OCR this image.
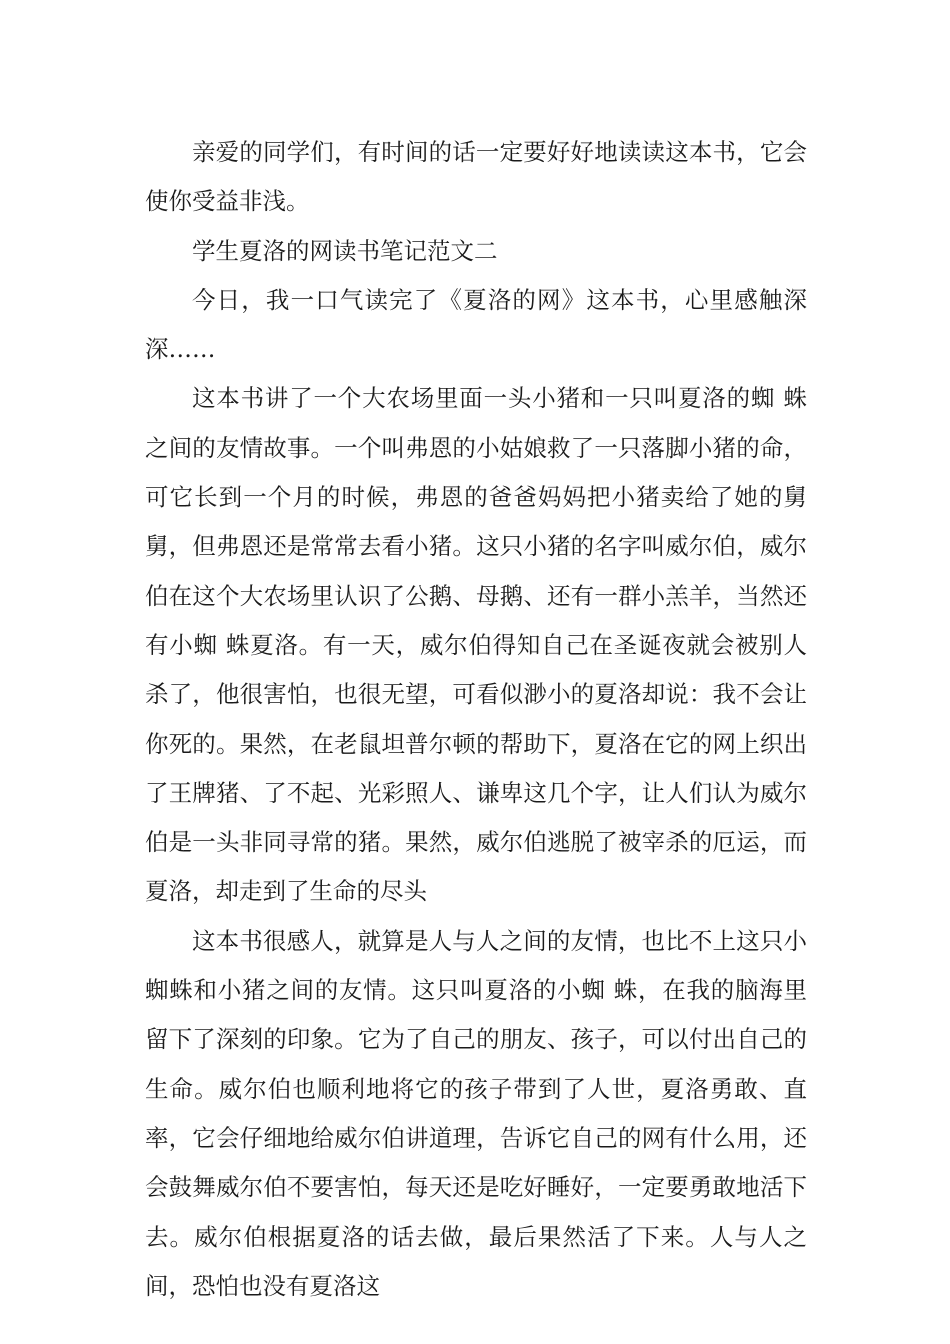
亲爱的同学们，有时间的话一定要好好地读读这本书，它会使你受益非浅。

学生夏洛的网读书笔记范文二

今日，我一口气读完了《夏洛的网》这本书，心里感触深深……

这本书讲了一个大农场里面一头小猪和一只叫夏洛的蜘 蛛之间的友情故事。一个叫弗恩的小姑娘救了一只落脚小猪的命，可它长到一个月的时候，弗恩的爸爸妈妈把小猪卖给了她的舅舅，但弗恩还是常常去看小猪。这只小猪的名字叫威尔伯，威尔伯在这个大农场里认识了公鹅、母鹅、还有一群小羔羊，当然还有小蜘 蛛夏洛。有一天，威尔伯得知自己在圣诞夜就会被别人杀了，他很害怕，也很无望，可看似渺小的夏洛却说：我不会让你死的。果然，在老鼠坦普尔顿的帮助下，夏洛在它的网上织出了王牌猪、了不起、光彩照人、谦卑这几个字，让人们认为威尔伯是一头非同寻常的猪。果然，威尔伯逃脱了被宰杀的厄运，而夏洛，却走到了生命的尽头

这本书很感人，就算是人与人之间的友情，也比不上这只小蜘蛛和小猪之间的友情。这只叫夏洛的小蜘 蛛，在我的脑海里留下了深刻的印象。它为了自己的朋友、孩子，可以付出自己的生命。威尔伯也顺利地将它的孩子带到了人世，夏洛勇敢、直率，它会仔细地给威尔伯讲道理，告诉它自己的网有什么用，还会鼓舞威尔伯不要害怕，每天还是吃好睡好，一定要勇敢地活下去。威尔伯根据夏洛的话去做，最后果然活了下来。人与人之间，恐怕也没有夏洛这
